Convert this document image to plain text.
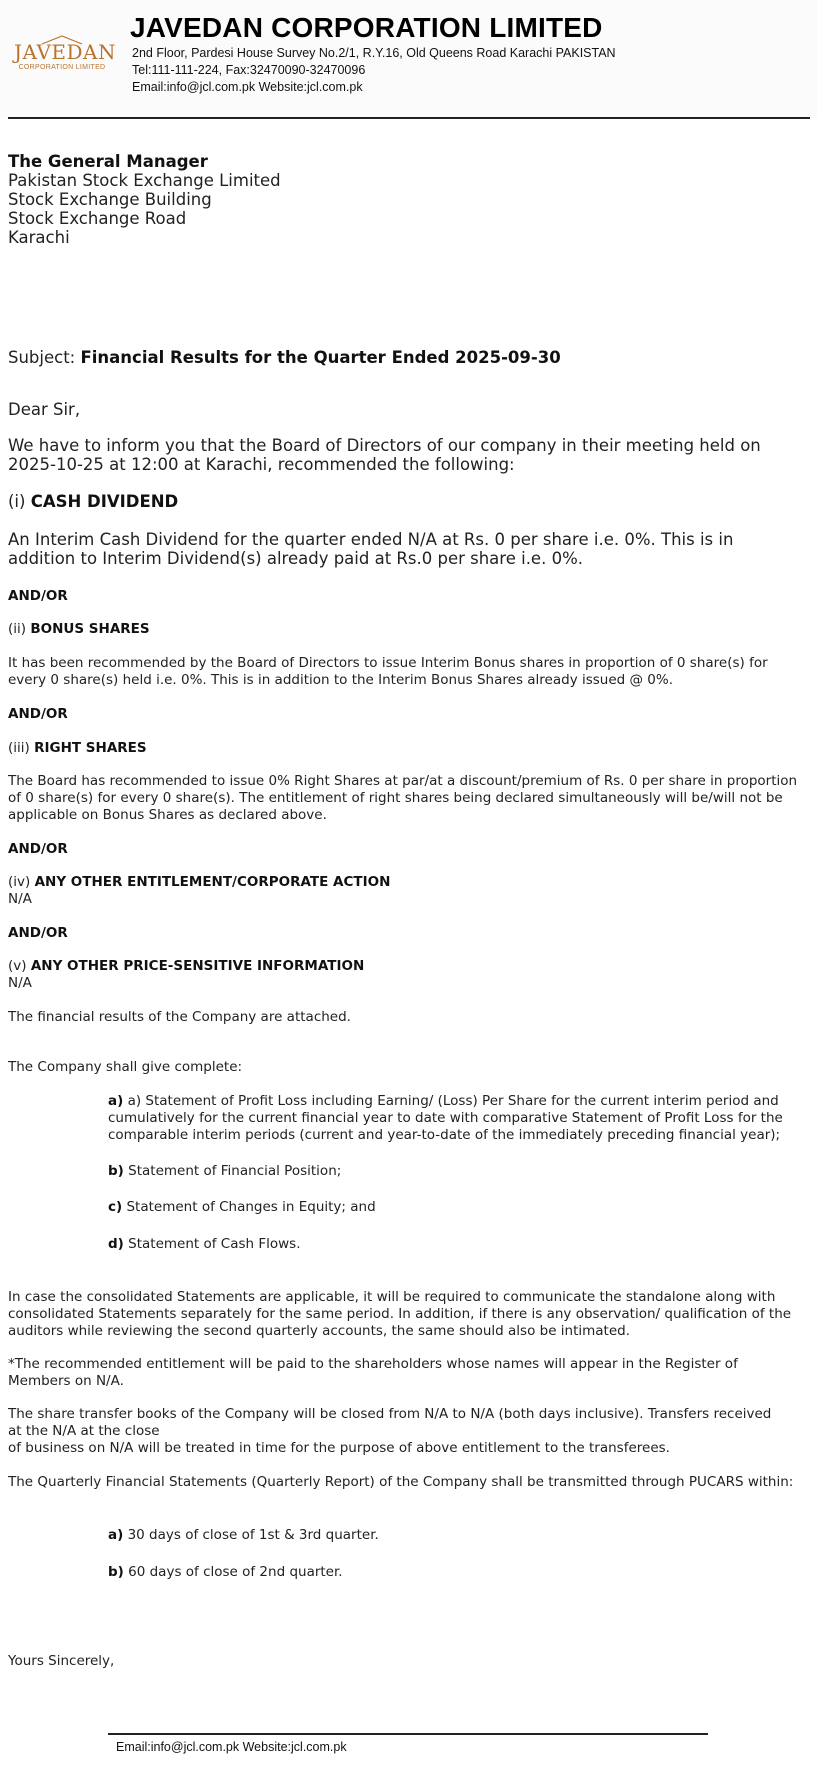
JAVEDAN
CORPORATION LIMITED
JAVEDAN CORPORATION LIMITED
2nd Floor, Pardesi House Survey No.2/1, R.Y.16, Old Queens Road Karachi PAKISTAN
Tel:111-111-224, Fax:32470090-32470096
Email:info@jcl.com.pk Website:jcl.com.pk
The General Manager
Pakistan Stock Exchange Limited
Stock Exchange Building
Stock Exchange Road
Karachi
Subject: Financial Results for the Quarter Ended 2025-09-30
Dear Sir,
We have to inform you that the Board of Directors of our company in their meeting held on 2025-10-25 at 12:00 at Karachi, recommended the following:
(i) CASH DIVIDEND
An Interim Cash Dividend for the quarter ended N/A at Rs. 0 per share i.e. 0%. This is in addition to Interim Dividend(s) already paid at Rs.0 per share i.e. 0%.
AND/OR
(ii) BONUS SHARES
It has been recommended by the Board of Directors to issue Interim Bonus shares in proportion of 0 share(s) for every 0 share(s) held i.e. 0%. This is in addition to the Interim Bonus Shares already issued @ 0%.
AND/OR
(iii) RIGHT SHARES
The Board has recommended to issue 0% Right Shares at par/at a discount/premium of Rs. 0 per share in proportion of 0 share(s) for every 0 share(s). The entitlement of right shares being declared simultaneously will be/will not be applicable on Bonus Shares as declared above.
AND/OR
(iv) ANY OTHER ENTITLEMENT/CORPORATE ACTION
N/A
AND/OR
(v) ANY OTHER PRICE-SENSITIVE INFORMATION
N/A
The financial results of the Company are attached.
The Company shall give complete:
a) a) Statement of Profit Loss including Earning/ (Loss) Per Share for the current interim period and cumulatively for the current financial year to date with comparative Statement of Profit Loss for the comparable interim periods (current and year-to-date of the immediately preceding financial year);
b) Statement of Financial Position;
c) Statement of Changes in Equity; and
d) Statement of Cash Flows.
In case the consolidated Statements are applicable, it will be required to communicate the standalone along with consolidated Statements separately for the same period. In addition, if there is any observation/ qualification of the auditors while reviewing the second quarterly accounts, the same should also be intimated.
*The recommended entitlement will be paid to the shareholders whose names will appear in the Register of Members on N/A.
The share transfer books of the Company will be closed from N/A to N/A (both days inclusive). Transfers received
at the N/A at the close
of business on N/A will be treated in time for the purpose of above entitlement to the transferees.
The Quarterly Financial Statements (Quarterly Report) of the Company shall be transmitted through PUCARS within:
a) 30 days of close of 1st & 3rd quarter.
b) 60 days of close of 2nd quarter.
Yours Sincerely,
Email:info@jcl.com.pk Website:jcl.com.pk
